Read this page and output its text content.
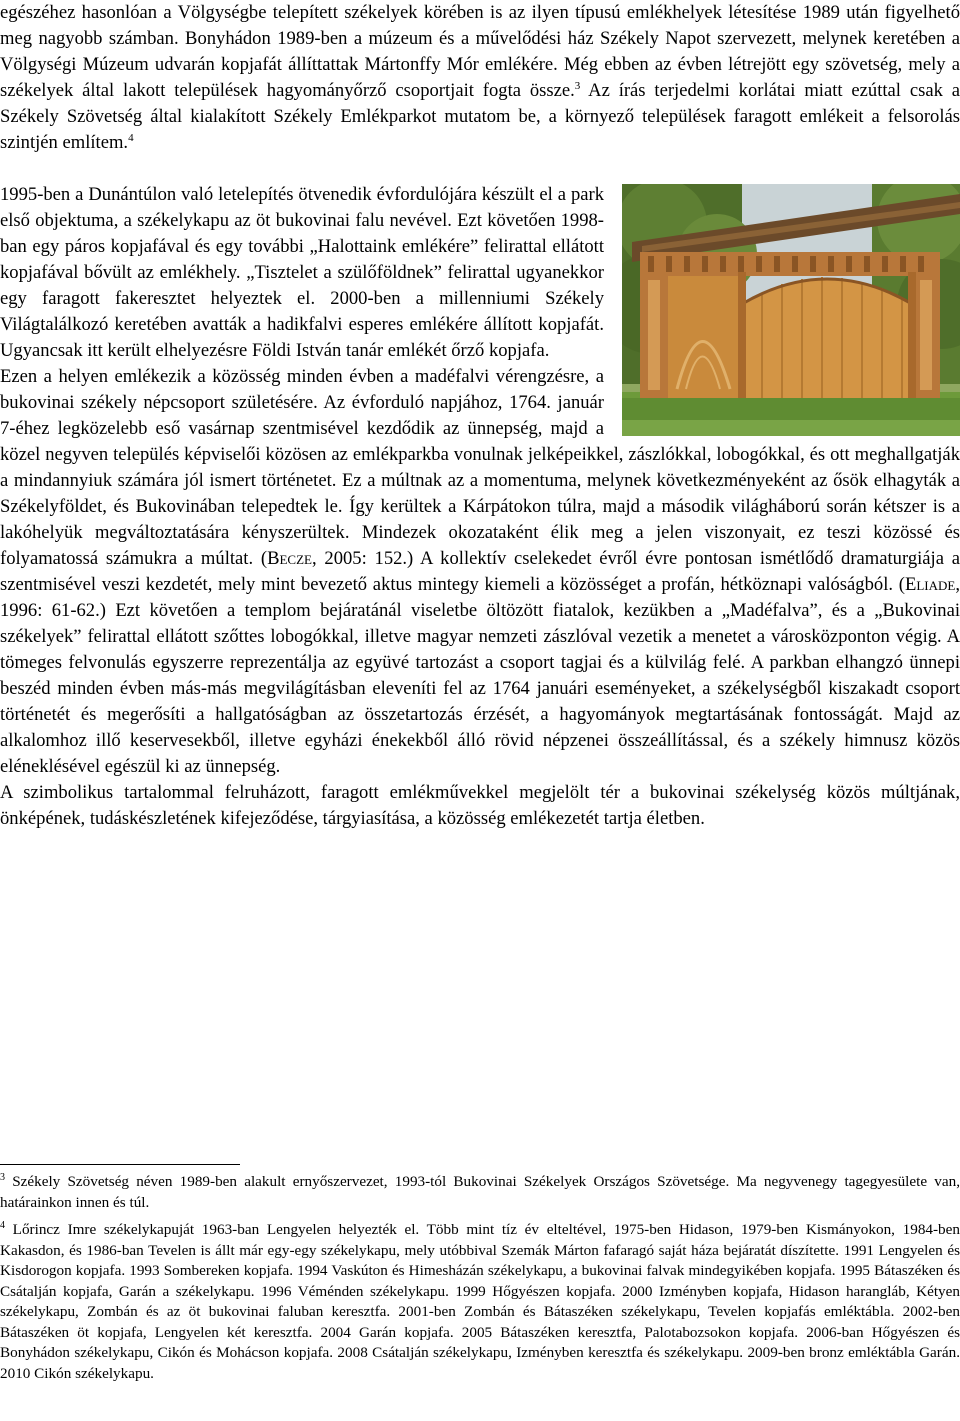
egészéhez hasonlóan a Völgységbe telepített székelyek körében is az ilyen típusú emlékhelyek létesítése 1989 után figyelhető meg nagyobb számban. Bonyhádon 1989-ben a múzeum és a művelődési ház Székely Napot szervezett, melynek keretében a Völgységi Múzeum udvarán kopjafát állíttattak Mártonffy Mór emlékére. Még ebben az évben létrejött egy szövetség, mely a székelyek által lakott települések hagyományőrző csoportjait fogta össze.$^3$ Az írás terjedelmi korlátai miatt ezúttal csak a Székely Szövetség által kialakított Székely Emlékparkot mutatom be, a környező települések faragott emlékeit a felsorolás szintjén említem.$^4$

1995-ben a Dunántúlon való letelepítés ötvenedik évfordulójára készült el a park első objektuma, a székelykapu az öt bukovinai falu nevével. Ezt követően 1998-ban egy páros kopjafával és egy további „Halottaink emlékére” felirattal ellátott kopjafával bővült az emlékhely. „Tisztelet a szülőföldnek” felirattal ugyanekkor egy faragott fakeresztet helyeztek el. 2000-ben a millenniumi Székely Világtalálkozó keretében avatták a hadikfalvi esperes emlékére állított kopjafát. Ugyancsak itt került elhelyezésre Földi István tanár emlékét őrző kopjafa.

Ezen a helyen emlékezik a közösség minden évben a madéfalvi vérengzésre, a bukovinai székely népcsoport születésére. Az évforduló napjához, 1764. január 7-éhez legközelebb eső vasárnap szentmisével kezdődik az ünnepség, majd a közel negyven település képviselői közösen az emlékparkba vonulnak jelképeikkel, zászlókkal, lobogókkal, és ott meghallgatják a mindannyiuk számára jól ismert történetet. Ez a múltnak az a momentuma, melynek következményeként az ősök elhagyták a Székelyföldet, és Bukovinában telepedtek le. Így kerültek a Kárpátokon túlra, majd a második világháború során kétszer is a lakóhelyük megváltoztatására kényszerültek. Mindezek okozataként élik meg a jelen viszonyait, ez teszi közössé és folyamatossá számukra a múltat. (Becze, 2005: 152.) A kollektív cselekedet évről évre pontosan ismétlődő dramaturgiája a szentmisével veszi kezdetét, mely mint bevezető aktus mintegy kiemeli a közösséget a profán, hétköznapi valóságból. (Eliade, 1996: 61-62.) Ezt követően a templom bejáratánál viseletbe öltözött fiatalok, kezükben a „Madéfalva”, és a „Bukovinai székelyek” felirattal ellátott szőttes lobogókkal, illetve magyar nemzeti zászlóval vezetik a menetet a városközponton végig. A tömeges felvonulás egyszerre reprezentálja az együvé tartozást a csoport tagjai és a külvilág felé. A parkban elhangzó ünnepi beszéd minden évben más-más megvilágításban eleveníti fel az 1764 januári eseményeket, a székelységből kiszakadt csoport történetét és megerősíti a hallgatóságban az összetartozás érzését, a hagyományok megtartásának fontosságát. Majd az alkalomhoz illő keservesekből, illetve egyházi énekekből álló rövid népzenei összeállítással, és a székely himnusz közös eléneklésével egészül ki az ünnepség.

A szimbolikus tartalommal felruházott, faragott emlékművekkel megjelölt tér a bukovinai székelység közös múltjának, önképének, tudáskészletének kifejeződése, tárgyiasítása, a közösség emlékezetét tartja életben.

$^3$ Székely Szövetség néven 1989-ben alakult ernyőszervezet, 1993-tól Bukovinai Székelyek Országos Szövetsége. Ma negyvenegy tagegyesülete van, határainkon innen és túl.

$^4$ Lőrincz Imre székelykapuját 1963-ban Lengyelen helyezték el. Több mint tíz év elteltével, 1975-ben Hidason, 1979-ben Kismányokon, 1984-ben Kakasdon, és 1986-ban Tevelen is állt már egy-egy székelykapu, mely utóbbival Szemák Márton fafaragó saját háza bejáratát díszítette. 1991 Lengyelen és Kisdorogon kopjafa. 1993 Sombereken kopjafa. 1994 Vaskúton és Himesházán székelykapu, a bukovinai falvak mindegyikében kopjafa. 1995 Bátaszéken és Csátalján kopjafa, Garán a székelykapu. 1996 Véménden székelykapu. 1999 Hőgyészen kopjafa. 2000 Izményben kopjafa, Hidason harangláb, Kétyen székelykapu, Zombán és az öt bukovinai faluban keresztfa. 2001-ben Zombán és Bátaszéken székelykapu, Tevelen kopjafás emléktábla. 2002-ben Bátaszéken öt kopjafa, Lengyelen két keresztfa. 2004 Garán kopjafa. 2005 Bátaszéken keresztfa, Palotabozsokon kopjafa. 2006-ban Hőgyészen és Bonyhádon székelykapu, Cikón és Mohácson kopjafa. 2008 Csátalján székelykapu, Izményben keresztfa és székelykapu. 2009-ben bronz emléktábla Garán. 2010 Cikón székelykapu.
